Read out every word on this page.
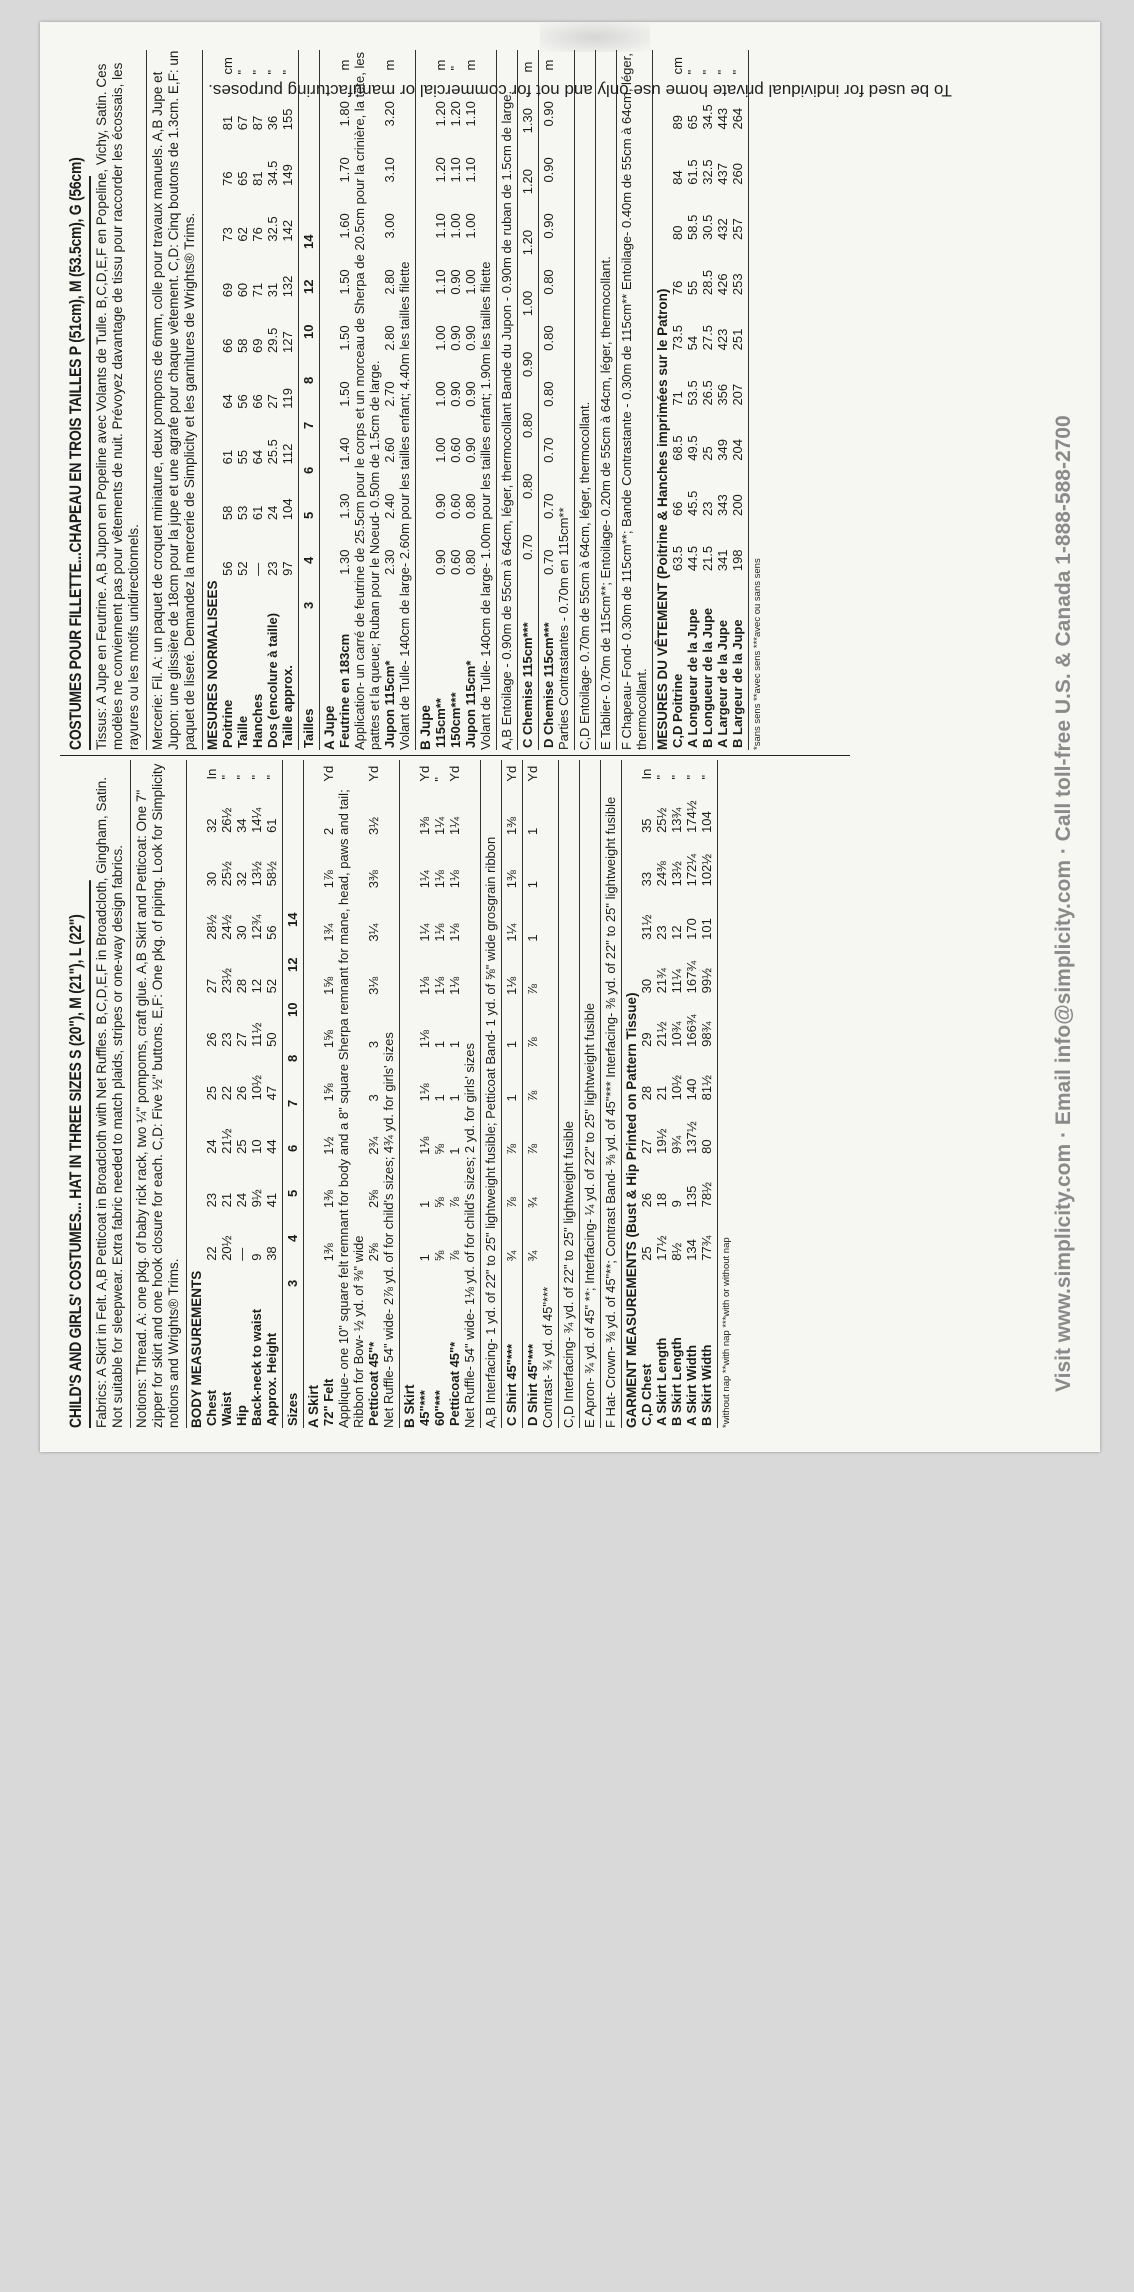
CHILD'S AND GIRLS' COSTUMES... HAT IN THREE SIZES S (20"), M (21"), L (22") Fabrics: A Skirt in Felt. A,B Petticoat in Broadcloth with Net Ruffles. B,C,D,E,F in Broadcloth, Gingham, Satin. Not suitable for sleepwear. Extra fabric needed to match plaids, stripes or one-way design fabrics. Notions: Thread. A: one pkg. of baby rick rack, two ¼" pompoms, craft glue. A,B Skirt and Petticoat: One 7" zipper for skirt and one hook closure for each. C,D: Five ½" buttons. E,F: One pkg. of piping. Look for Simplicity notions and Wrights® Trims. BODY MEASUREMENTS Chest	22	23	24	25	26	27	28½	30	32	In
Waist	20½	21	21½	22	23	23½	24½	25½	26½	"
Hip	—	24	25	26	27	28	30	32	34	"
Back-neck to waist	9	9½	10	10½	11½	12	12¾	13½	14¼	"
Approx. Height	38	41	44	47	50	52	56	58½	61	"
Sizes	3	4	5	6	7	8	10	12	14	
A Skirt 72" Felt	1⅜	1⅜	1½	1⅝	1⅝	1⅝	1¾	1⅞	2	Yd
Applique- one 10" square felt remnant for body and a 8" square Sherpa remnant for mane, head, paws and tail; Ribbon for Bow- ½ yd. of ⅜" wide Petticoat 45"*	2⅝	2⅝	2¾	3	3	3⅛	3¼	3⅜	3½	Yd
Net Ruffle- 54" wide- 2⅞ yd. of for child's sizes; 4¾ yd. for girls' sizes B Skirt 45"***	1	1	1⅛	1⅛	1⅛	1⅛	1¼	1¼	1⅜	Yd
60"***	⅝	⅝	⅝	1	1	1⅛	1⅛	1⅛	1¼	"
Petticoat 45"*	⅞	⅞	1	1	1	1⅛	1⅛	1⅛	1¼	Yd
Net Ruffle- 54" wide- 1⅛ yd. of for child's sizes; 2 yd. for girls' sizes A,B Interfacing- 1 yd. of 22" to 25" lightweight fusible; Petticoat Band- 1 yd. of ⅝" wide grosgrain ribbon C Shirt 45"***	¾	⅞	⅞	1	1	1⅛	1¼	1⅜	1⅜	Yd
D Shirt 45"***	¾	¾	⅞	⅞	⅞	⅞	1	1	1	Yd
Contrast- ¾ yd. of 45"*** C,D Interfacing- ¾ yd. of 22" to 25" lightweight fusible E Apron- ¾ yd. of 45" **; Interfacing- ¼ yd. of 22" to 25" lightweight fusible F Hat- Crown- ⅜ yd. of 45"**; Contrast Band- ⅜ yd. of 45"*** Interfacing- ⅜ yd. of 22" to 25" lightweight fusible GARMENT MEASUREMENTS (Bust & Hip Printed on Pattern Tissue) C,D Chest	25	26	27	28	29	30	31½	33	35	In
A Skirt Length	17½	18	19½	21	21½	21¾	23	24⅜	25½	"
B Skirt Length	8½	9	9¾	10½	10¾	11¼	12	13½	13¾	"
A Skirt Width	134	135	137½	140	166¾	167¾	170	172¼	174½	"
B Skirt Width	77¾	78½	80	81½	98¾	99½	101	102½	104	"
*without nap **with nap ***with or without nap
COSTUMES POUR FILLETTE...CHAPEAU EN TROIS TAILLES P (51cm), M (53.5cm), G (56cm) Tissus: A Jupe en Feutrine. A,B Jupon en Popeline avec Volants de Tulle. B,C,D,E,F en Popeline, Vichy, Satin. Ces modèles ne conviennent pas pour vêtements de nuit. Prévoyez davantage de tissu pour raccorder les écossais, les rayures ou les motifs unidirectionnels. Mercerie: Fil. A: un paquet de croquet miniature, deux pompons de 6mm, colle pour travaux manuels. A,B Jupe et Jupon: une glissière de 18cm pour la jupe et une agrafe pour chaque vêtement. C,D: Cinq boutons de 1.3cm. E,F: un paquet de liseré. Demandez la mercerie de Simplicity et les garnitures de Wrights® Trims. MESURES NORMALISEES Poitrine	56	58	61	64	66	69	73	76	81	cm
Taille	52	53	55	56	58	60	62	65	67	"
Hanches	—	61	64	66	69	71	76	81	87	"
Dos (encolure à taille)	23	24	25.5	27	29.5	31	32.5	34.5	36	"
Taille approx.	97	104	112	119	127	132	142	149	155	"
Tailles	3	4	5	6	7	8	10	12	14	
A Jupe Feutrine en 183cm	1.30	1.30	1.40	1.50	1.50	1.50	1.60	1.70	1.80	m Application- un carré de feutrine de 25.5cm pour le corps et un morceau de Sherpa de 20.5cm pour la crinière, la tête, les pattes et la queue; Ruban pour le Noeud- 0.50m de 1.5cm de large. Jupon 115cm*	2.30	2.40	2.60	2.70	2.80	2.80	3.00	3.10	3.20	m
Volant de Tulle- 140cm de large- 2.60m pour les tailles enfant; 4.40m les tailles filette B Jupe 115cm**	0.90	0.90	1.00	1.00	1.00	1.10	1.10	1.20	1.20	m
150cm***	0.60	0.60	0.60	0.90	0.90	0.90	1.00	1.10	1.20	"
Jupon 115cm*	0.80	0.80	0.90	0.90	0.90	1.00	1.00	1.10	1.10	m
Volant de Tulle- 140cm de large- 1.00m pour les tailles enfant; 1.90m les tailles filette A,B Entoilage - 0.90m de 55cm à 64cm, léger, thermocollant Bande du Jupon - 0.90m de ruban de 1.5cm de large. C Chemise 115cm***	0.70	0.80	0.80	0.90	1.00	1.20	1.20	1.30	m
D Chemise 115cm***	0.70	0.70	0.70	0.80	0.80	0.80	0.90	0.90	0.90	m
Parties Contrastantes - 0.70m en 115cm** C,D Entoilage- 0.70m de 55cm à 64cm, léger, thermocollant. E Tablier- 0.70m de 115cm**; Entoilage- 0.20m de 55cm à 64cm, léger, thermocollant. F Chapeau- Fond- 0.30m de 115cm**; Bande Contrastante - 0.30m de 115cm** Entoilage- 0.40m de 55cm à 64cm, léger, thermocollant. MESURES DU VÊTEMENT (Poitrine & Hanches imprimées sur le Patron) C,D Poitrine	63.5	66	68.5	71	73.5	76	80	84	89	cm
A Longueur de la Jupe	44.5	45.5	49.5	53.5	54	55	58.5	61.5	65	"
B Longueur de la Jupe	21.5	23	25	26.5	27.5	28.5	30.5	32.5	34.5	"
A Largeur de la Jupe	341	343	349	356	423	426	432	437	443	"
B Largeur de la Jupe	198	200	204	207	251	253	257	260	264	"
*sans sens **avec sens ***avec ou sans sens
To be used for individual private home use only and not for commercial or manufacturing purposes.
Visit www.simplicity.com · Email info@simplicity.com · Call toll-free U.S. & Canada 1-888-588-2700
